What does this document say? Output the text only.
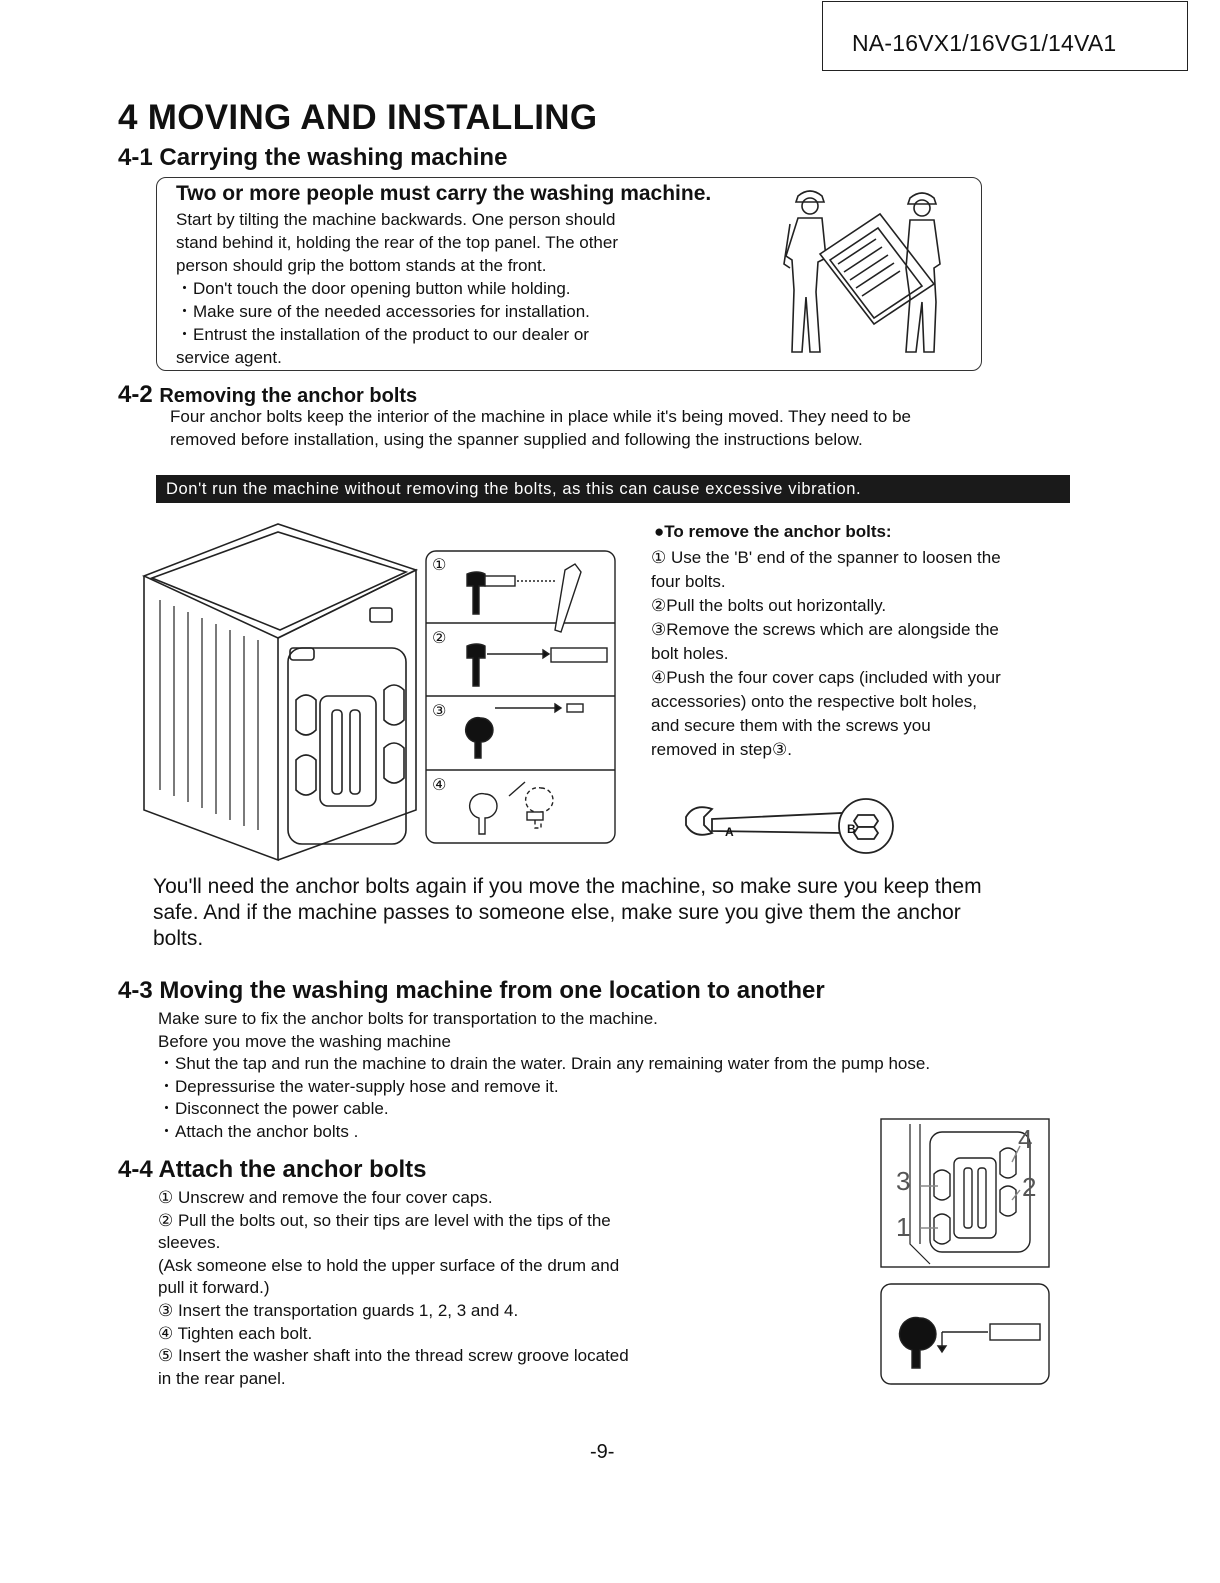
NA-16VX1/16VG1/14VA1
4 MOVING AND INSTALLING
4-1 Carrying the washing machine
Two or more people must carry the washing machine.
Start by tilting the machine backwards. One person should
stand behind it, holding the rear of the top panel. The other
person should grip the bottom stands at the front.
・Don't touch the door opening button while holding.
・Make sure of the needed accessories for installation.
・Entrust the installation of the product to our dealer or
service agent.
4-2 Removing the anchor bolts
Four anchor bolts keep the interior of the machine in place while it's being moved. They need to be
removed before installation, using the spanner supplied and following the instructions below.
Don't run the machine without removing the bolts, as this can cause excessive vibration.
①
②
③
④
●To remove the anchor bolts:
① Use the 'B' end of the spanner to loosen the
four bolts.
②Pull the bolts out horizontally.
③Remove the screws which are alongside the
bolt holes.
④Push the four cover caps (included with your
accessories) onto the respective bolt holes,
and secure them with the screws you
removed in step③.
A	B
You'll need the anchor bolts again if you move the machine, so make sure you keep them
safe. And if the machine passes to someone else, make sure you give them the anchor
bolts.
4-3 Moving the washing machine from one location to another
Make sure to fix the anchor bolts for transportation to the machine.
Before you move the washing machine
・Shut the tap and run the machine to drain the water. Drain any remaining water from the pump hose.
・Depressurise the water-supply hose and remove it.
・Disconnect the power cable.
・Attach the anchor bolts .
4-4 Attach the anchor bolts
① Unscrew and remove the four cover caps.
② Pull the bolts out, so their tips are level with the tips of the
sleeves.
(Ask someone else to hold the upper surface of the drum and
pull it forward.)
③ Insert the transportation guards 1, 2, 3 and 4.
④ Tighten each bolt.
⑤ Insert the washer shaft into the thread screw groove located
in the rear panel.
4
3	2
1
-9-
